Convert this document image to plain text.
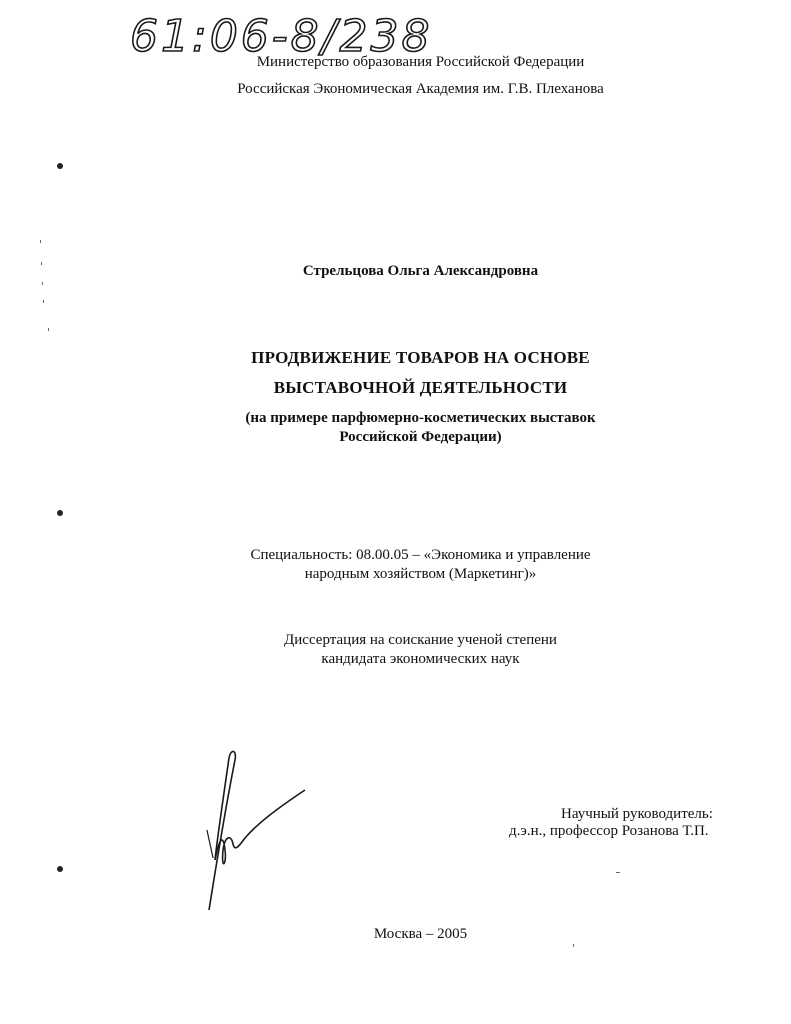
61:06-8/238
Министерство образования Российской Федерации
Российская Экономическая Академия им. Г.В. Плеханова
Стрельцова Ольга Александровна
ПРОДВИЖЕНИЕ ТОВАРОВ НА ОСНОВЕ
ВЫСТАВОЧНОЙ ДЕЯТЕЛЬНОСТИ
(на примере парфюмерно-косметических выставок
Российской Федерации)
Специальность: 08.00.05 – «Экономика и управление
народным хозяйством (Маркетинг)»
Диссертация на соискание ученой степени
кандидата экономических наук
Научный руководитель:
д.э.н., профессор Розанова Т.П.
Москва – 2005
